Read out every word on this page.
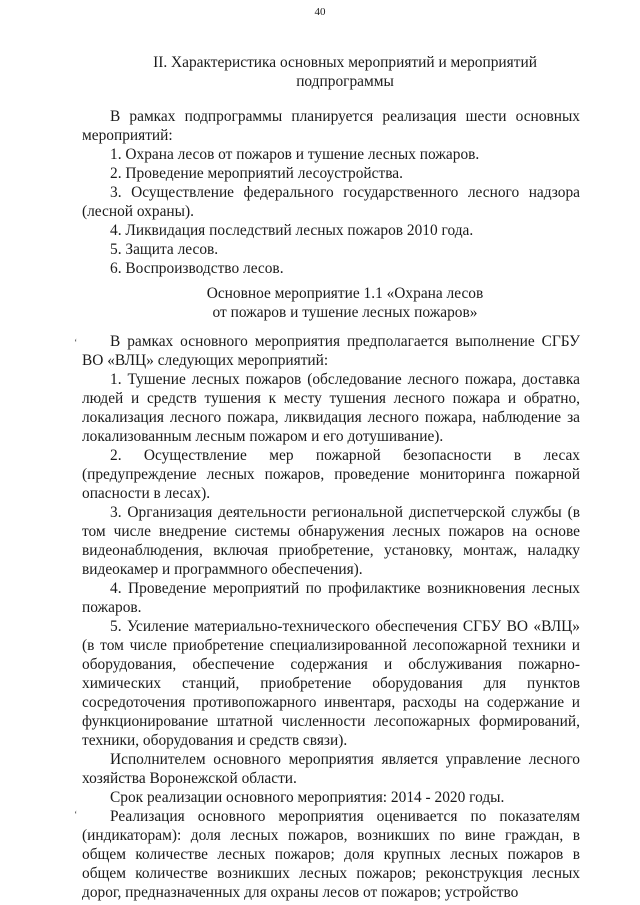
40
II. Характеристика основных мероприятий и мероприятий
подпрограммы

В рамках подпрограммы планируется реализация шести основных мероприятий:

1. Охрана лесов от пожаров и тушение лесных пожаров.

2. Проведение мероприятий лесоустройства.

3. Осуществление федерального государственного лесного надзора (лесной охраны).

4. Ликвидация последствий лесных пожаров 2010 года.

5. Защита лесов.

6. Воспроизводство лесов.

Основное мероприятие 1.1 «Охрана лесов
от пожаров и тушение лесных пожаров»

В рамках основного мероприятия предполагается выполнение СГБУ ВО «ВЛЦ» следующих мероприятий:

1. Тушение лесных пожаров (обследование лесного пожара, доставка людей и средств тушения к месту тушения лесного пожара и обратно, локализация лесного пожара, ликвидация лесного пожара, наблюдение за локализованным лесным пожаром и его дотушивание).

2. Осуществление мер пожарной безопасности в лесах (предупреждение лесных пожаров, проведение мониторинга пожарной опасности в лесах).

3. Организация деятельности региональной диспетчерской службы (в том числе внедрение системы обнаружения лесных пожаров на основе видеонаблюдения, включая приобретение, установку, монтаж, наладку видеокамер и программного обеспечения).

4. Проведение мероприятий по профилактике возникновения лесных пожаров.

5. Усиление материально-технического обеспечения СГБУ ВО «ВЛЦ» (в том числе приобретение специализированной лесопожарной техники и оборудования, обеспечение содержания и обслуживания пожарно-химических станций, приобретение оборудования для пунктов сосредоточения противопожарного инвентаря, расходы на содержание и функционирование штатной численности лесопожарных формирований, техники, оборудования и средств связи).

Исполнителем основного мероприятия является управление лесного хозяйства Воронежской области.

Срок реализации основного мероприятия: 2014 - 2020 годы.

Реализация основного мероприятия оценивается по показателям (индикаторам): доля лесных пожаров, возникших по вине граждан, в общем количестве лесных пожаров; доля крупных лесных пожаров в общем количестве возникших лесных пожаров; реконструкция лесных дорог, предназначенных для охраны лесов от пожаров; устройство

‘
‘
